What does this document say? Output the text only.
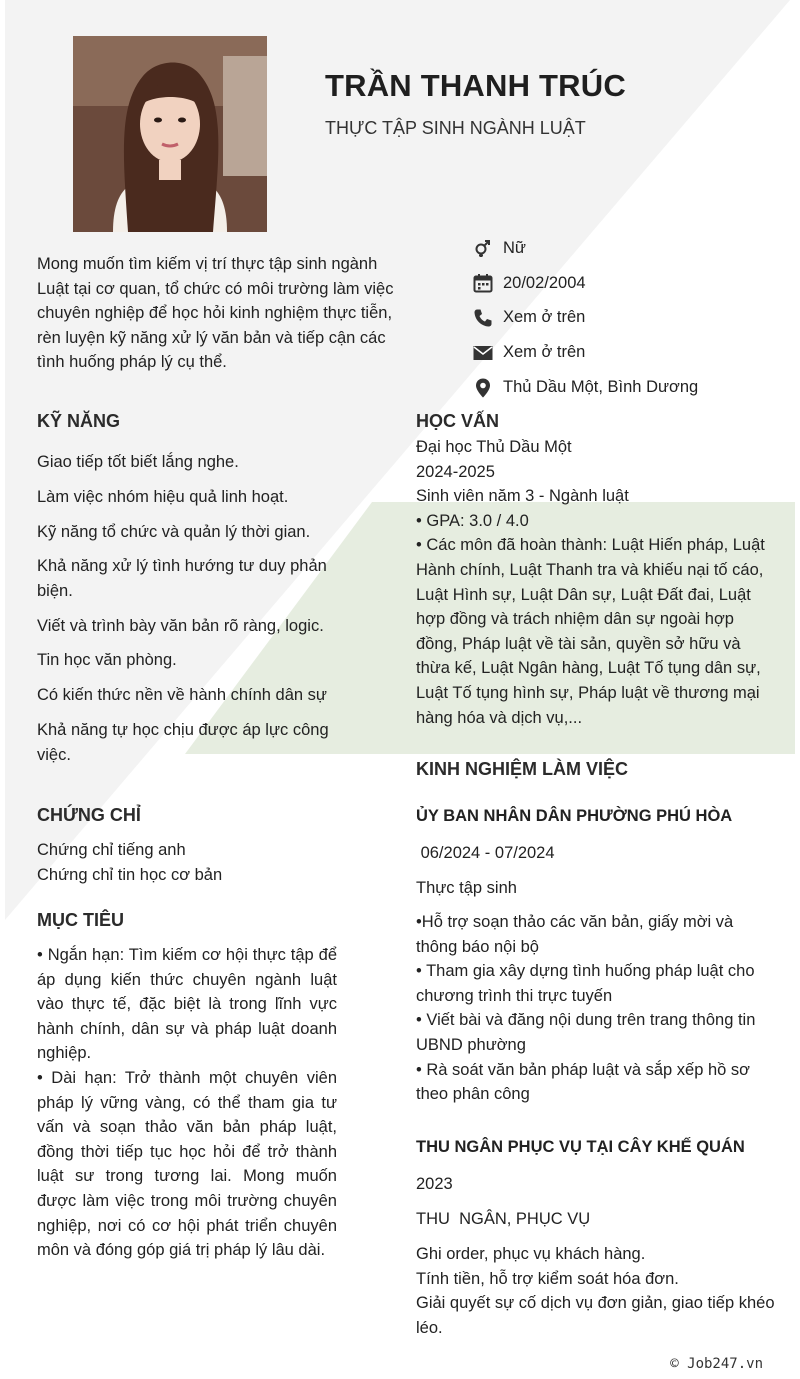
TRẦN THANH TRÚC
THỰC TẬP SINH NGÀNH LUẬT
Mong muốn tìm kiếm vị trí thực tập sinh ngành Luật tại cơ quan, tổ chức có môi trường làm việc chuyên nghiệp để học hỏi kinh nghiệm thực tiễn, rèn luyện kỹ năng xử lý văn bản và tiếp cận các tình huống pháp lý cụ thể.
Nữ
20/02/2004
Xem ở trên
Xem ở trên
Thủ Dầu Một, Bình Dương
KỸ NĂNG
Giao tiếp tốt biết lắng nghe.
Làm việc nhóm hiệu quả linh hoạt.
Kỹ năng tổ chức và quản lý thời gian.
Khả năng xử lý tình hướng tư duy phản biện.
Viết và trình bày văn bản rõ ràng, logic.
Tin học văn phòng.
Có kiến thức nền về hành chính dân sự
Khả năng tự học chịu được áp lực công việc.
CHỨNG CHỈ
Chứng chỉ tiếng anh
Chứng chỉ tin học cơ bản
MỤC TIÊU
• Ngắn hạn: Tìm kiếm cơ hội thực tập để áp dụng kiến thức chuyên ngành luật vào thực tế, đặc biệt là trong lĩnh vực hành chính, dân sự và pháp luật doanh nghiệp.
• Dài hạn: Trở thành một chuyên viên pháp lý vững vàng, có thể tham gia tư vấn và soạn thảo văn bản pháp luật, đồng thời tiếp tục học hỏi để trở thành luật sư trong tương lai. Mong muốn được làm việc trong môi trường chuyên nghiệp, nơi có cơ hội phát triển chuyên môn và đóng góp giá trị pháp lý lâu dài.
HỌC VẤN
Đại học Thủ Dầu Một
2024-2025
Sinh viên năm 3 - Ngành luật
• GPA: 3.0 / 4.0
• Các môn đã hoàn thành: Luật Hiến pháp, Luật Hành chính, Luật Thanh tra và khiếu nại tố cáo, Luật Hình sự, Luật Dân sự, Luật Đất đai, Luật hợp đồng và trách nhiệm dân sự ngoài hợp đồng, Pháp luật về tài sản, quyền sở hữu và thừa kế, Luật Ngân hàng, Luật Tố tụng dân sự, Luật Tố tụng hình sự, Pháp luật về thương mại hàng hóa và dịch vụ,...
KINH NGHIỆM LÀM VIỆC
ỦY BAN NHÂN DÂN PHƯỜNG PHÚ HÒA
06/2024 - 07/2024
Thực tập sinh
•Hỗ trợ soạn thảo các văn bản, giấy mời và thông báo nội bộ
• Tham gia xây dựng tình huống pháp luật cho chương trình thi trực tuyến
• Viết bài và đăng nội dung trên trang thông tin UBND phường
• Rà soát văn bản pháp luật và sắp xếp hồ sơ theo phân công
THU NGÂN PHỤC VỤ TẠI CÂY KHẾ QUÁN
2023
THU  NGÂN, PHỤC VỤ
Ghi order, phục vụ khách hàng.
Tính tiền, hỗ trợ kiểm soát hóa đơn.
Giải quyết sự cố dịch vụ đơn giản, giao tiếp khéo léo.
© Job247.vn
